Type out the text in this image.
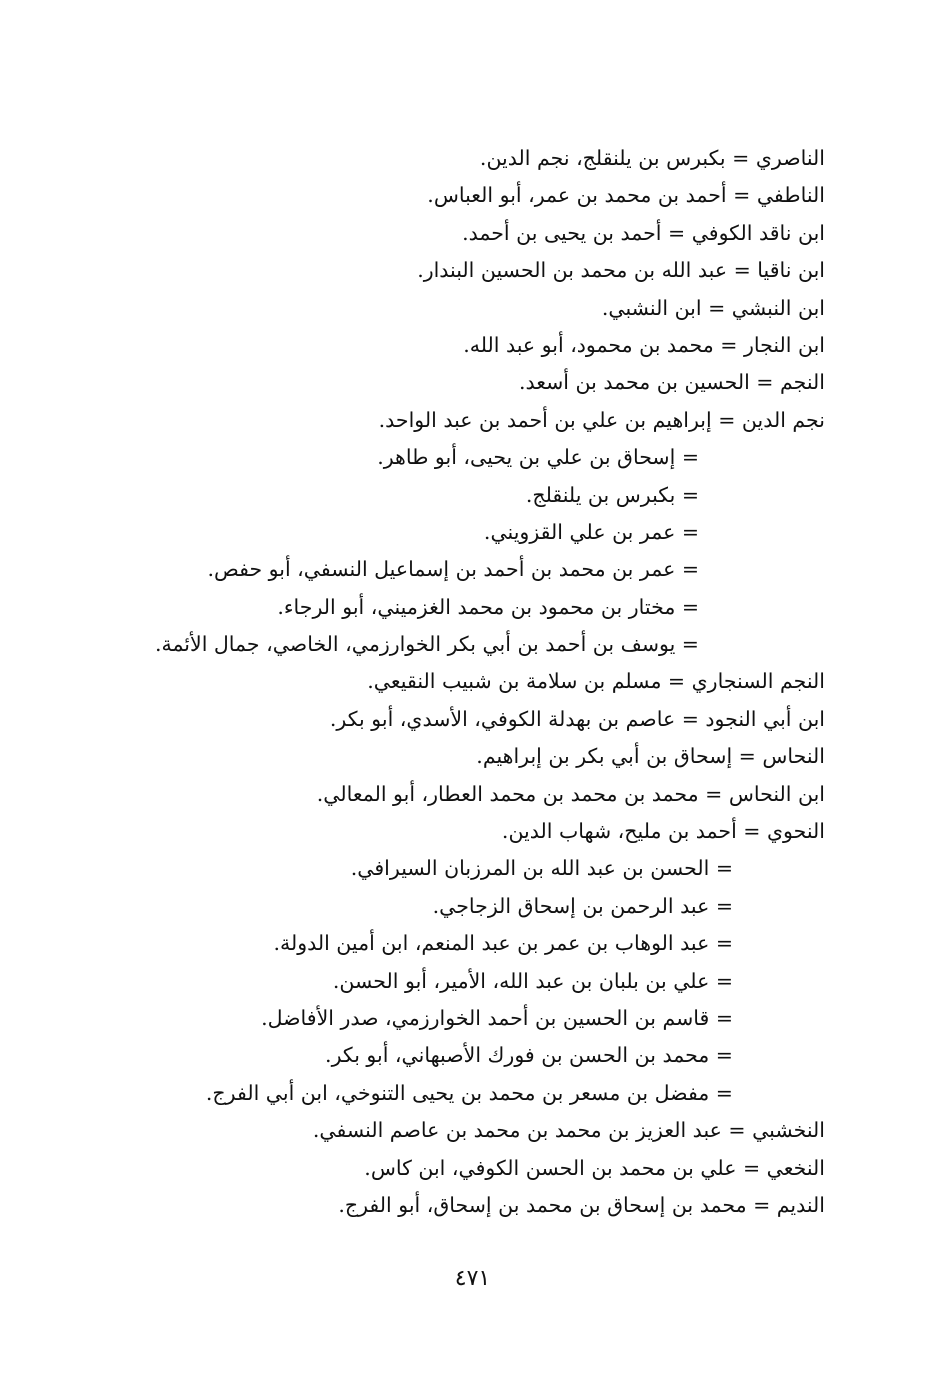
الناصري = بكبرس بن يلنقلج، نجم الدين.
الناطفي = أحمد بن محمد بن عمر، أبو العباس.
ابن ناقد الكوفي = أحمد بن يحيى بن أحمد.
ابن ناقيا = عبد الله بن محمد بن الحسين البندار.
ابن النبشي = ابن النشبي.
ابن النجار = محمد بن محمود، أبو عبد الله.
النجم = الحسين بن محمد بن أسعد.
نجم الدين = إبراهيم بن علي بن أحمد بن عبد الواحد.
= إسحاق بن علي بن يحيى، أبو طاهر.
= بكبرس بن يلنقلج.
= عمر بن علي القزويني.
= عمر بن محمد بن أحمد بن إسماعيل النسفي، أبو حفص.
= مختار بن محمود بن محمد الغزميني، أبو الرجاء.
= يوسف بن أحمد بن أبي بكر الخوارزمي، الخاصي، جمال الأئمة.
النجم السنجاري = مسلم بن سلامة بن شبيب النقيعي.
ابن أبي النجود = عاصم بن بهدلة الكوفي، الأسدي، أبو بكر.
النحاس = إسحاق بن أبي بكر بن إبراهيم.
ابن النحاس = محمد بن محمد بن محمد العطار، أبو المعالي.
النحوي = أحمد بن مليح، شهاب الدين.
= الحسن بن عبد الله بن المرزبان السيرافي.
= عبد الرحمن بن إسحاق الزجاجي.
= عبد الوهاب بن عمر بن عبد المنعم، ابن أمين الدولة.
= علي بن بلبان بن عبد الله، الأمير، أبو الحسن.
= قاسم بن الحسين بن أحمد الخوارزمي، صدر الأفاضل.
= محمد بن الحسن بن فورك الأصبهاني، أبو بكر.
= مفضل بن مسعر بن محمد بن يحيى التنوخي، ابن أبي الفرج.
النخشبي = عبد العزيز بن محمد بن محمد بن عاصم النسفي.
النخعي = علي بن محمد بن الحسن الكوفي، ابن كاس.
النديم = محمد بن إسحاق بن محمد بن إسحاق، أبو الفرج.
٤٧١
